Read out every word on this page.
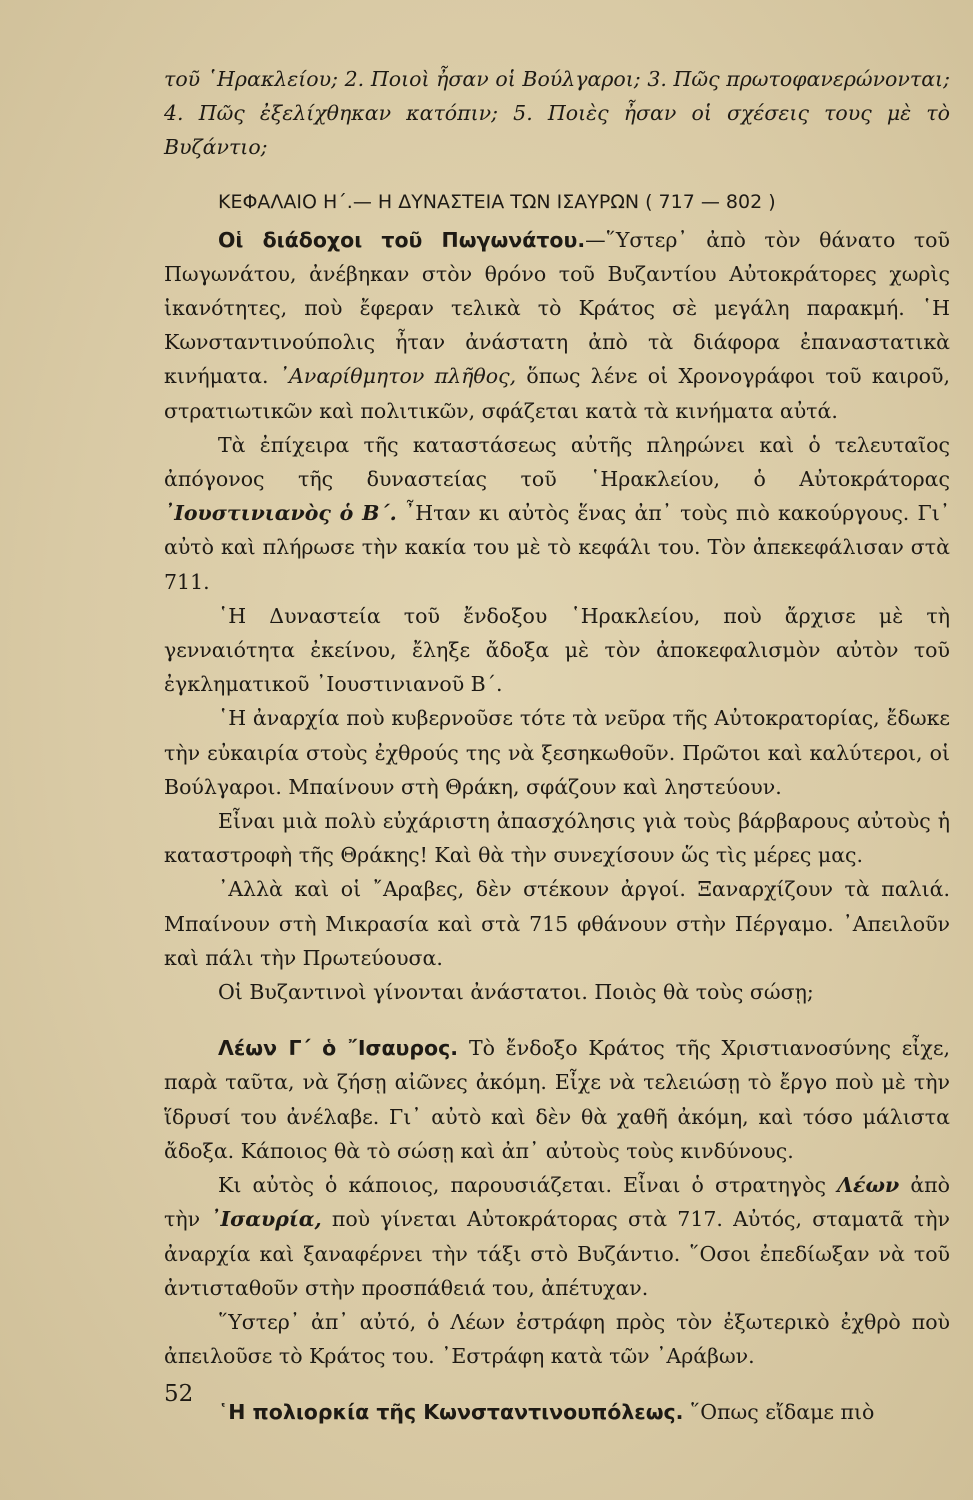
τοῦ ῾Ηρακλείου; 2. Ποιοὶ ἦσαν οἱ Βούλγαροι; 3. Πῶς πρωτοφανερώνονται; 4. Πῶς ἐξελίχθηκαν κατόπιν; 5. Ποιὲς ἦσαν οἱ σχέσεις τους μὲ τὸ Βυζάντιο;

ΚΕΦΑΛΑΙΟ Η΄.— Η ΔΥΝΑΣΤΕΙΑ ΤΩΝ ΙΣΑΥΡΩΝ ( 717 — 802 )

Οἱ διάδοχοι τοῦ Πωγωνάτου.—῞Υστερ᾿ ἀπὸ τὸν θάνατο τοῦ Πωγωνάτου, ἀνέβηκαν στὸν θρόνο τοῦ Βυζαντίου Αὐτοκράτορες χωρὶς ἱκανότητες, ποὺ ἔφεραν τελικὰ τὸ Κράτος σὲ μεγάλη παρακμή. ῾Η Κωνσταντινούπολις ἦταν ἀνάστατη ἀπὸ τὰ διάφορα ἐπαναστατικὰ κινήματα. ᾿Αναρίθμητον πλῆθος, ὅπως λένε οἱ Χρονογράφοι τοῦ καιροῦ, στρατιωτικῶν καὶ πολιτικῶν, σφάζεται κατὰ τὰ κινήματα αὐτά.

Τὰ ἐπίχειρα τῆς καταστάσεως αὐτῆς πληρώνει καὶ ὁ τελευταῖος ἀπόγονος τῆς δυναστείας τοῦ ῾Ηρακλείου, ὁ Αὐτοκράτορας ᾿Ιουστινιανὸς ὁ Β΄. ῏Ηταν κι αὐτὸς ἕνας ἀπ᾿ τοὺς πιὸ κακούργους. Γι᾿ αὐτὸ καὶ πλήρωσε τὴν κακία του μὲ τὸ κεφάλι του. Τὸν ἀπεκεφάλισαν στὰ 711.

῾Η Δυναστεία τοῦ ἔνδοξου ῾Ηρακλείου, ποὺ ἄρχισε μὲ τὴ γενναιότητα ἐκείνου, ἔληξε ἄδοξα μὲ τὸν ἀποκεφαλισμὸν αὐτὸν τοῦ ἐγκληματικοῦ ᾿Ιουστινιανοῦ Β΄.

῾Η ἀναρχία ποὺ κυβερνοῦσε τότε τὰ νεῦρα τῆς Αὐτοκρατορίας, ἔδωκε τὴν εὐκαιρία στοὺς ἐχθρούς της νὰ ξεσηκωθοῦν. Πρῶτοι καὶ καλύτεροι, οἱ Βούλγαροι. Μπαίνουν στὴ Θράκη, σφάζουν καὶ ληστεύουν.

Εἶναι μιὰ πολὺ εὐχάριστη ἀπασχόλησις γιὰ τοὺς βάρβαρους αὐτοὺς ἡ καταστροφὴ τῆς Θράκης! Καὶ θὰ τὴν συνεχίσουν ὥς τὶς μέρες μας.

᾿Αλλὰ καὶ οἱ ῎Αραβες, δὲν στέκουν ἀργοί. Ξαναρχίζουν τὰ παλιά. Μπαίνουν στὴ Μικρασία καὶ στὰ 715 φθάνουν στὴν Πέργαμο. ᾿Απειλοῦν καὶ πάλι τὴν Πρωτεύουσα.

Οἱ Βυζαντινοὶ γίνονται ἀνάστατοι. Ποιὸς θὰ τοὺς σώσῃ;

Λέων Γ΄ ὁ ῎Ισαυρος. Τὸ ἔνδοξο Κράτος τῆς Χριστιανοσύνης εἶχε, παρὰ ταῦτα, νὰ ζήσῃ αἰῶνες ἀκόμη. Εἶχε νὰ τελειώσῃ τὸ ἔργο ποὺ μὲ τὴν ἵδρυσί του ἀνέλαβε. Γι᾿ αὐτὸ καὶ δὲν θὰ χαθῆ ἀκόμη, καὶ τόσο μάλιστα ἄδοξα. Κάποιος θὰ τὸ σώσῃ καὶ ἀπ᾿ αὐτοὺς τοὺς κινδύνους.

Κι αὐτὸς ὁ κάποιος, παρουσιάζεται. Εἶναι ὁ στρατηγὸς Λέων ἀπὸ τὴν ᾿Ισαυρία, ποὺ γίνεται Αὐτοκράτορας στὰ 717. Αὐτός, σταματᾶ τὴν ἀναρχία καὶ ξαναφέρνει τὴν τάξι στὸ Βυζάντιο. ῞Οσοι ἐπεδίωξαν νὰ τοῦ ἀντισταθοῦν στὴν προσπάθειά του, ἀπέτυχαν.

῞Υστερ᾿ ἀπ᾿ αὐτό, ὁ Λέων ἐστράφη πρὸς τὸν ἐξωτερικὸ ἐχθρὸ ποὺ ἀπειλοῦσε τὸ Κράτος του. ᾿Εστράφη κατὰ τῶν ᾿Αράβων.

῾Η πολιορκία τῆς Κωνσταντινουπόλεως. ῞Οπως εἴδαμε πιὸ

52
